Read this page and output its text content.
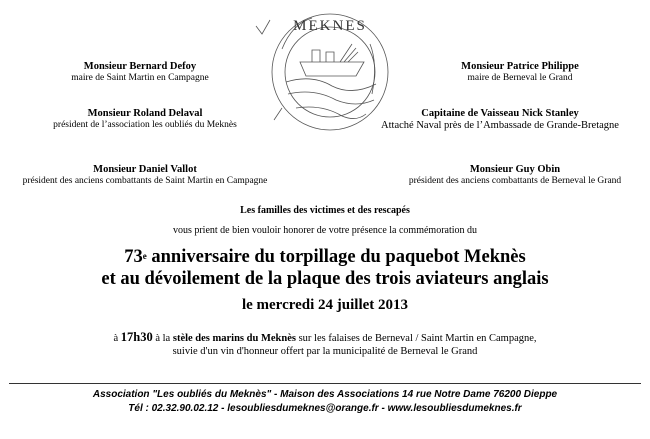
MEKNES
Monsieur Bernard Defoy
maire de Saint Martin en Campagne
Monsieur Roland Delaval
président de l’association les oubliés du Meknès
Monsieur Daniel Vallot
président des anciens combattants de Saint Martin en Campagne
Monsieur Patrice Philippe
maire de Berneval le Grand
Capitaine de Vaisseau Nick Stanley
Attaché Naval près de l’Ambassade de Grande-Bretagne
Monsieur Guy Obin
président des anciens combattants de Berneval le Grand
Les familles des victimes et des rescapés
vous prient de bien vouloir honorer de votre présence la commémoration du
73e anniversaire du torpillage du paquebot Meknès
et au dévoilement de la plaque des trois aviateurs anglais
le mercredi 24 juillet 2013
à 17h30 à la stèle des marins du Meknès sur les falaises de Berneval / Saint Martin en Campagne,
suivie d'un vin d'honneur offert par la municipalité de Berneval le Grand
Association "Les oubliés du Meknès" - Maison des Associations 14 rue Notre Dame 76200 Dieppe
Tél : 02.32.90.02.12 - lesoubliesdumeknes@orange.fr - www.lesoubliesdumeknes.fr
